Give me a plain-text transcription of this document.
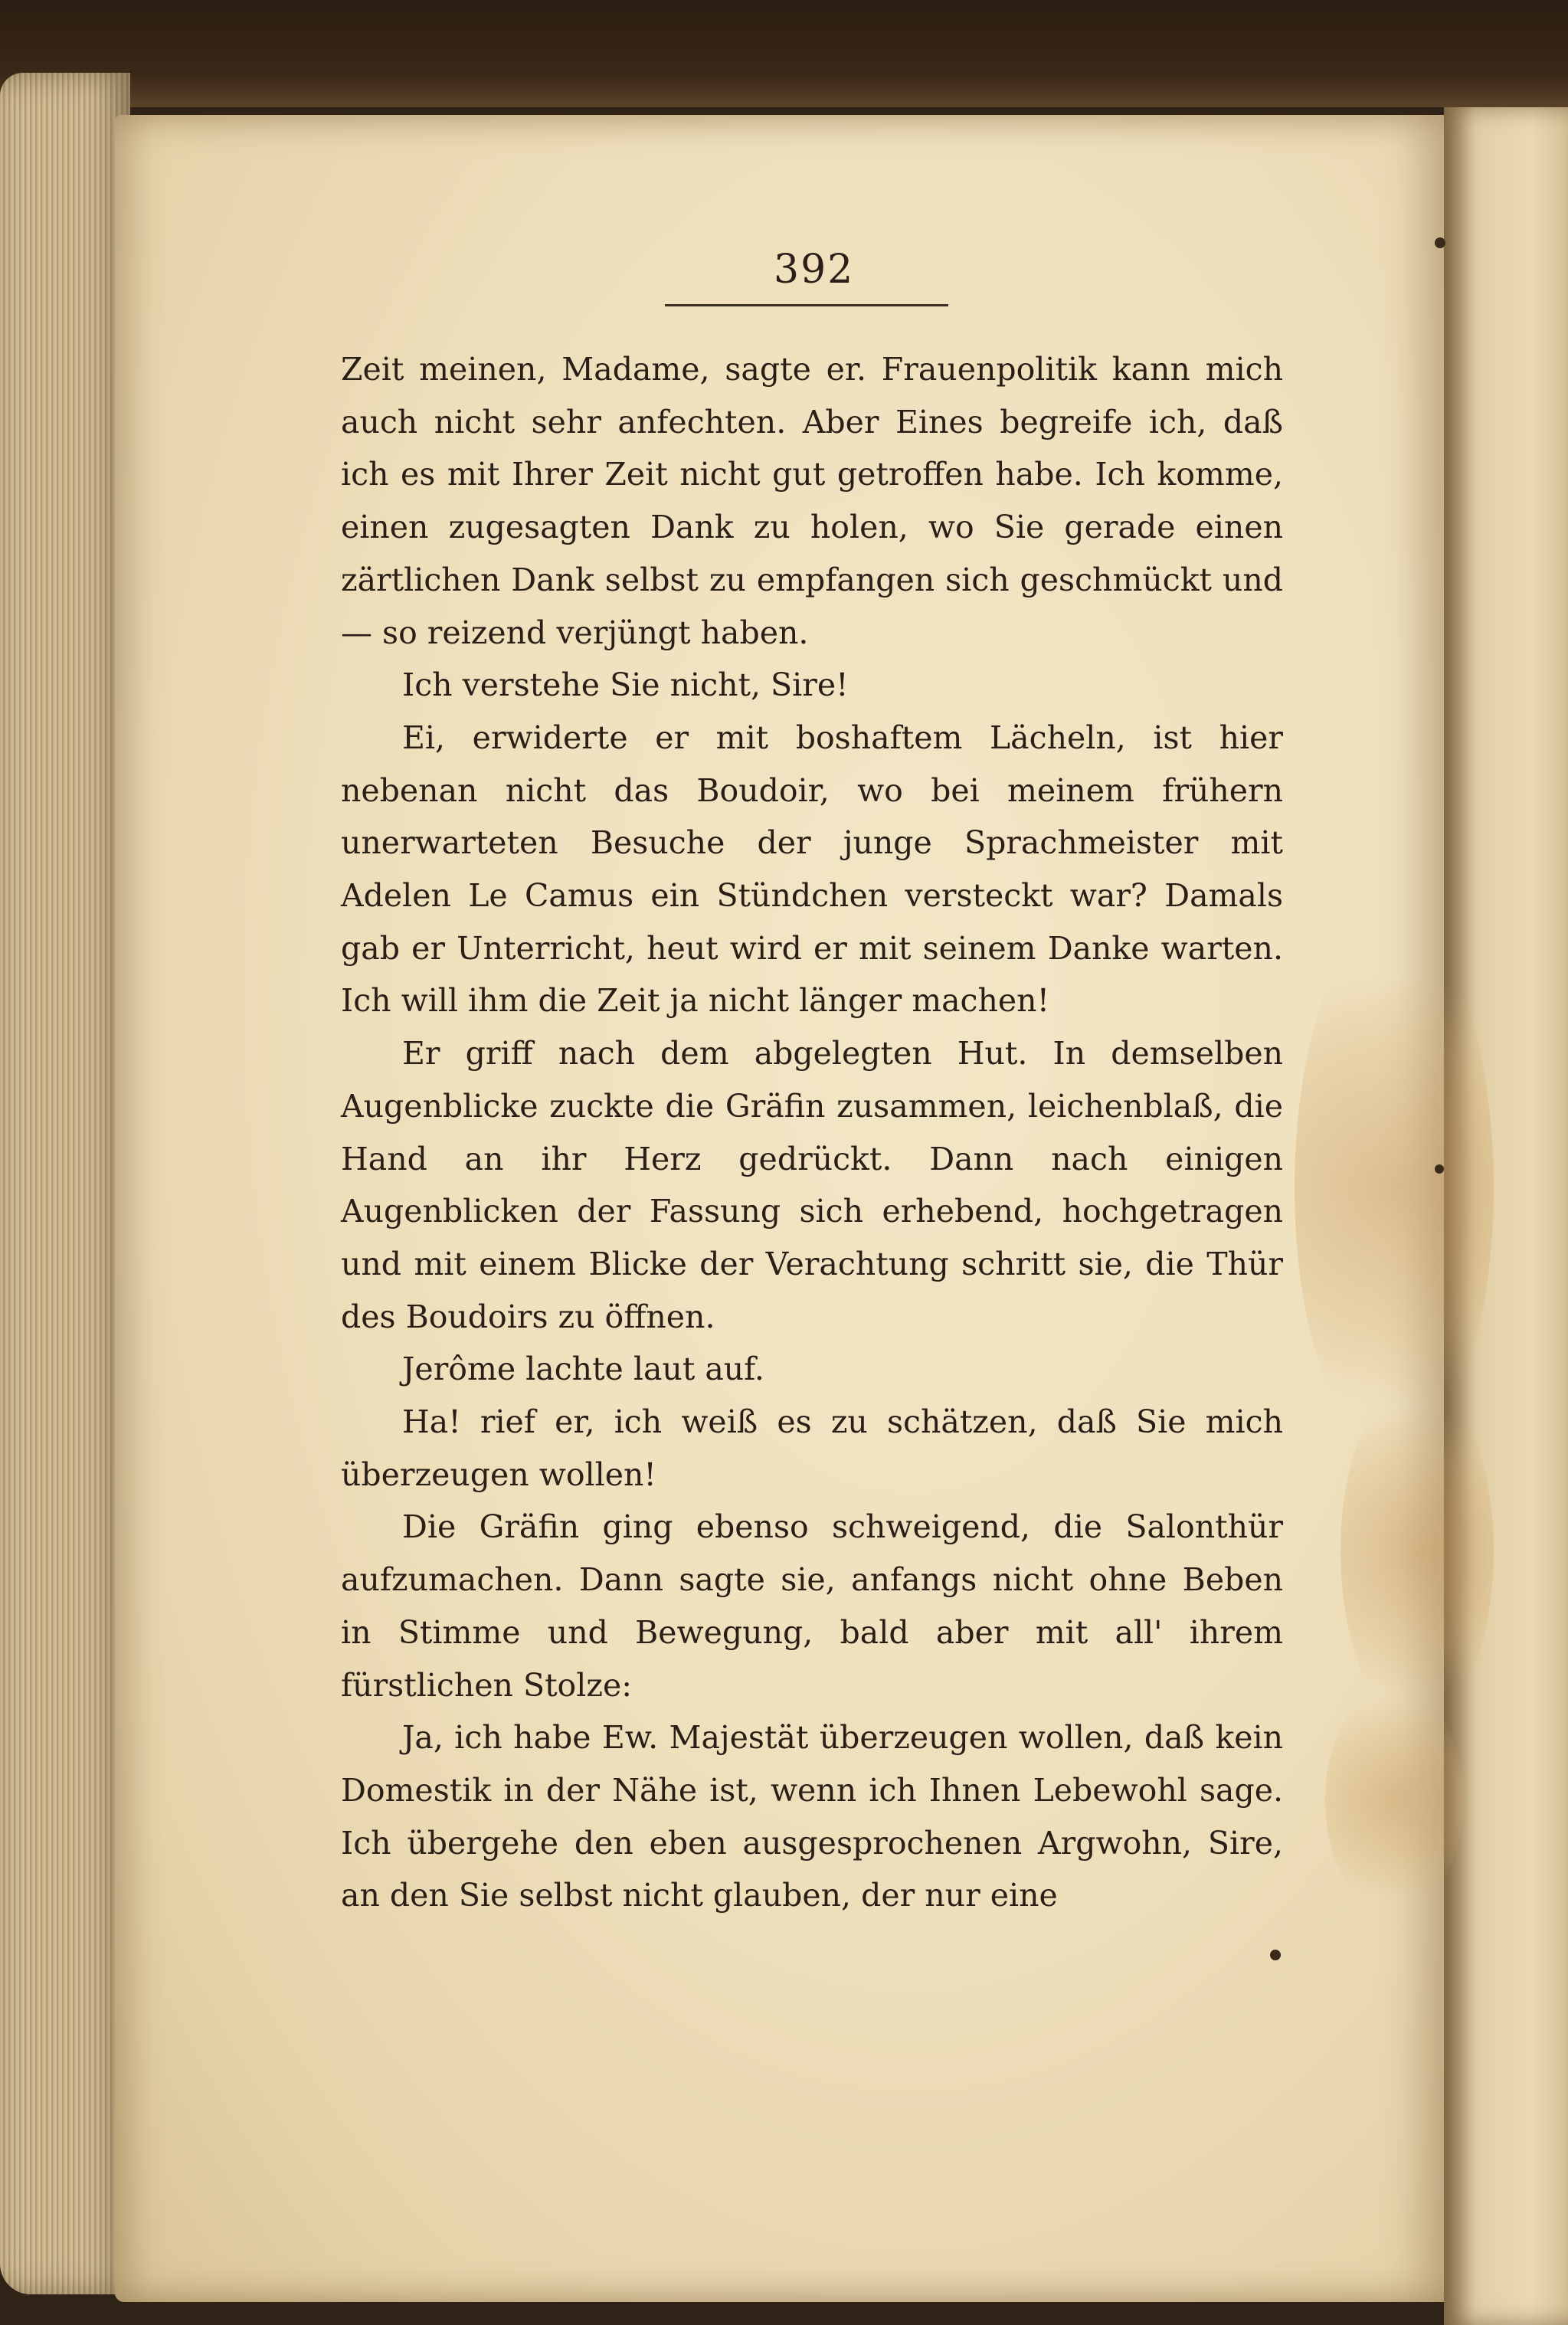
392

Zeit meinen, Madame, sagte er. Frauenpolitik kann mich auch nicht sehr anfechten. Aber Eines begreife ich, daß ich es mit Ihrer Zeit nicht gut getroffen habe. Ich komme, einen zugesagten Dank zu holen, wo Sie gerade einen zärtlichen Dank selbst zu empfangen sich geschmückt und — so reizend verjüngt haben.

Ich verstehe Sie nicht, Sire!

Ei, erwiderte er mit boshaftem Lächeln, ist hier nebenan nicht das Boudoir, wo bei meinem frühern unerwarteten Besuche der junge Sprachmeister mit Adelen Le Camus ein Stündchen versteckt war? Damals gab er Unterricht, heut wird er mit seinem Danke warten. Ich will ihm die Zeit ja nicht länger machen!

Er griff nach dem abgelegten Hut. In demselben Augenblicke zuckte die Gräfin zusammen, leichenblaß, die Hand an ihr Herz gedrückt. Dann nach einigen Augenblicken der Fassung sich erhebend, hochgetragen und mit einem Blicke der Verachtung schritt sie, die Thür des Boudoirs zu öffnen.

Jerôme lachte laut auf.

Ha! rief er, ich weiß es zu schätzen, daß Sie mich überzeugen wollen!

Die Gräfin ging ebenso schweigend, die Salonthür aufzumachen. Dann sagte sie, anfangs nicht ohne Beben in Stimme und Bewegung, bald aber mit all' ihrem fürstlichen Stolze:

Ja, ich habe Ew. Majestät überzeugen wollen, daß kein Domestik in der Nähe ist, wenn ich Ihnen Lebewohl sage. Ich übergehe den eben ausgesprochenen Argwohn, Sire, an den Sie selbst nicht glauben, der nur eine
